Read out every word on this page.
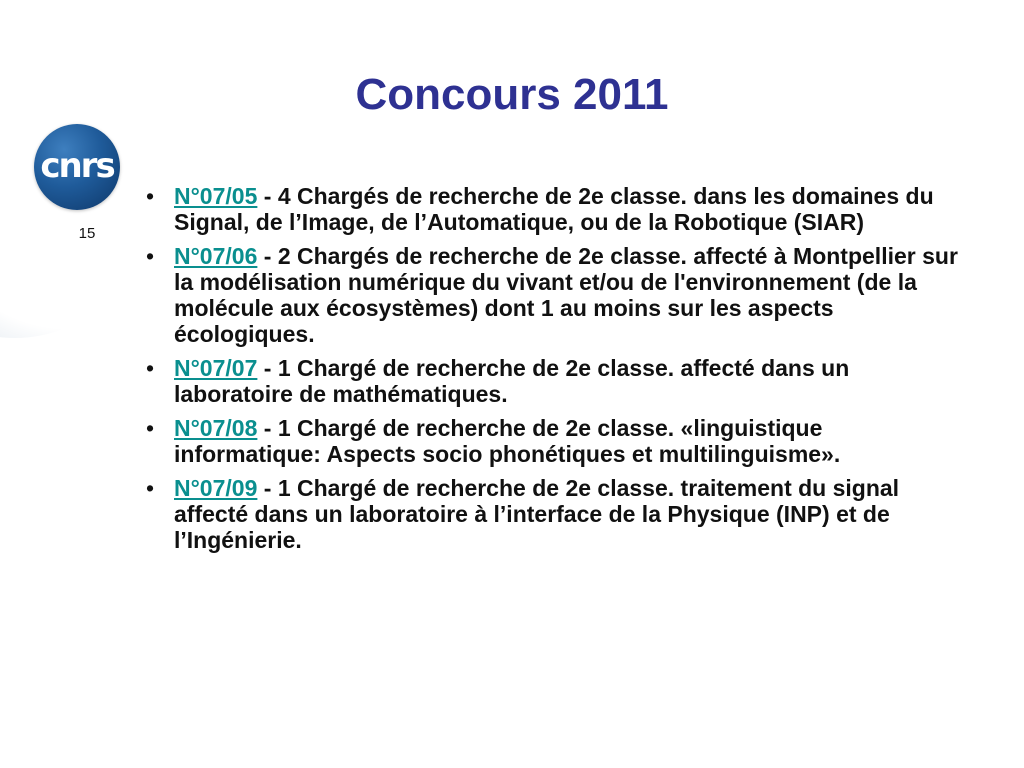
cnrs
15
Concours 2011
• N°07/05 - 4 Chargés de recherche de 2e classe. dans les domaines du Signal, de l’Image, de l’Automatique, ou de la Robotique (SIAR)
• N°07/06 - 2 Chargés de recherche de 2e classe. affecté à Montpellier sur la modélisation numérique du vivant et/ou de l'environnement (de la molécule aux écosystèmes) dont 1 au moins sur les aspects écologiques.
• N°07/07 - 1 Chargé de recherche de 2e classe. affecté dans un laboratoire de mathématiques.
• N°07/08 - 1 Chargé de recherche de 2e classe. «linguistique informatique: Aspects socio phonétiques et multilinguisme».
• N°07/09 - 1 Chargé de recherche de 2e classe. traitement du signal affecté dans un laboratoire à l’interface de la Physique (INP) et de l’Ingénierie.
